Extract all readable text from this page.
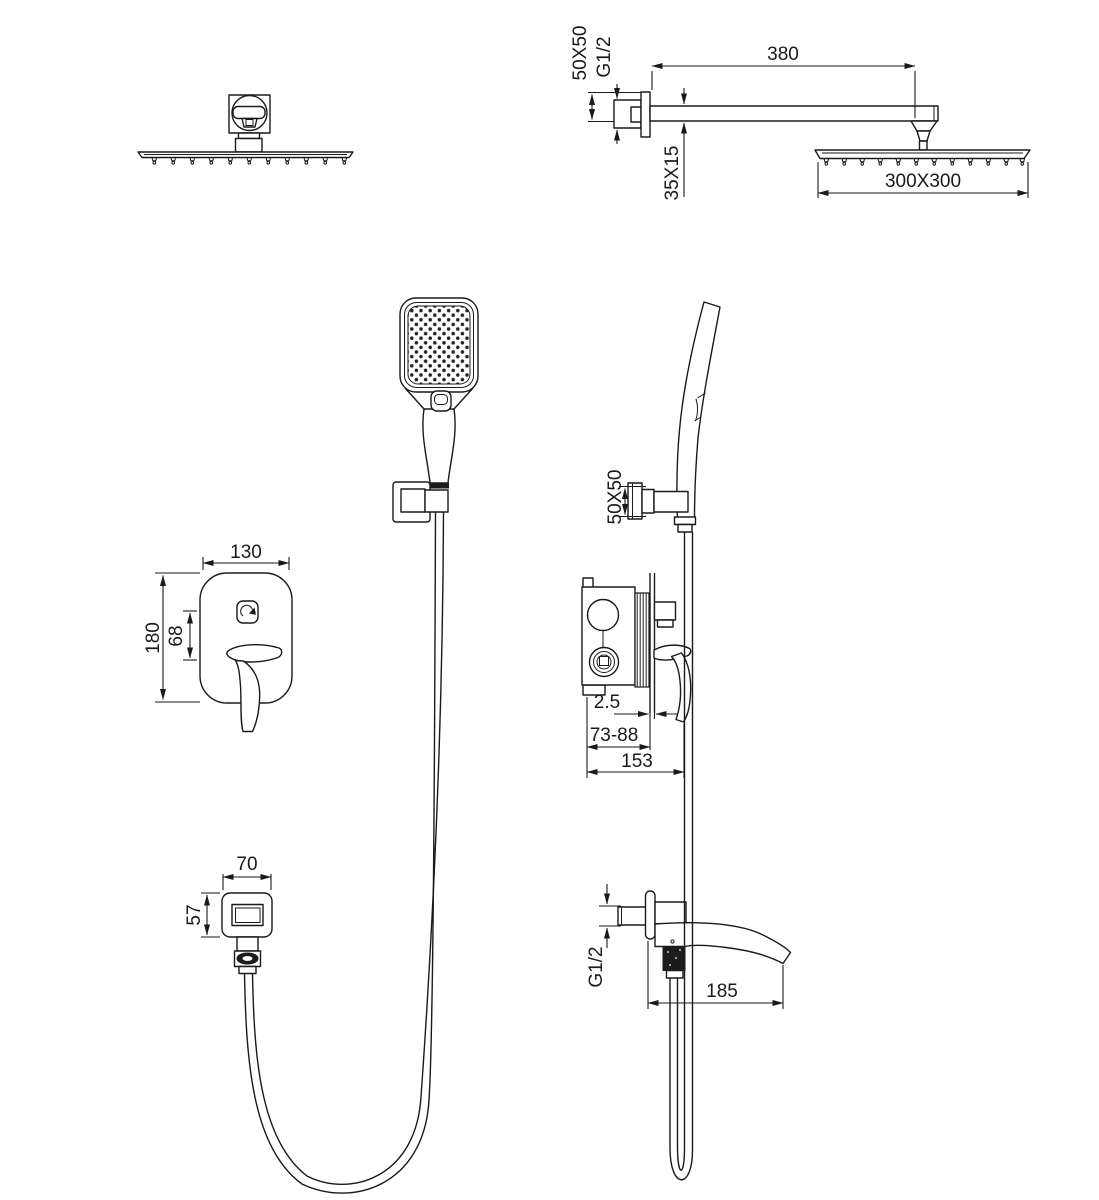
50X50 G1/2	380
35X15	300X300
50X50
130
180 68
2.5
73-88
153
70
57
G1/2
185
